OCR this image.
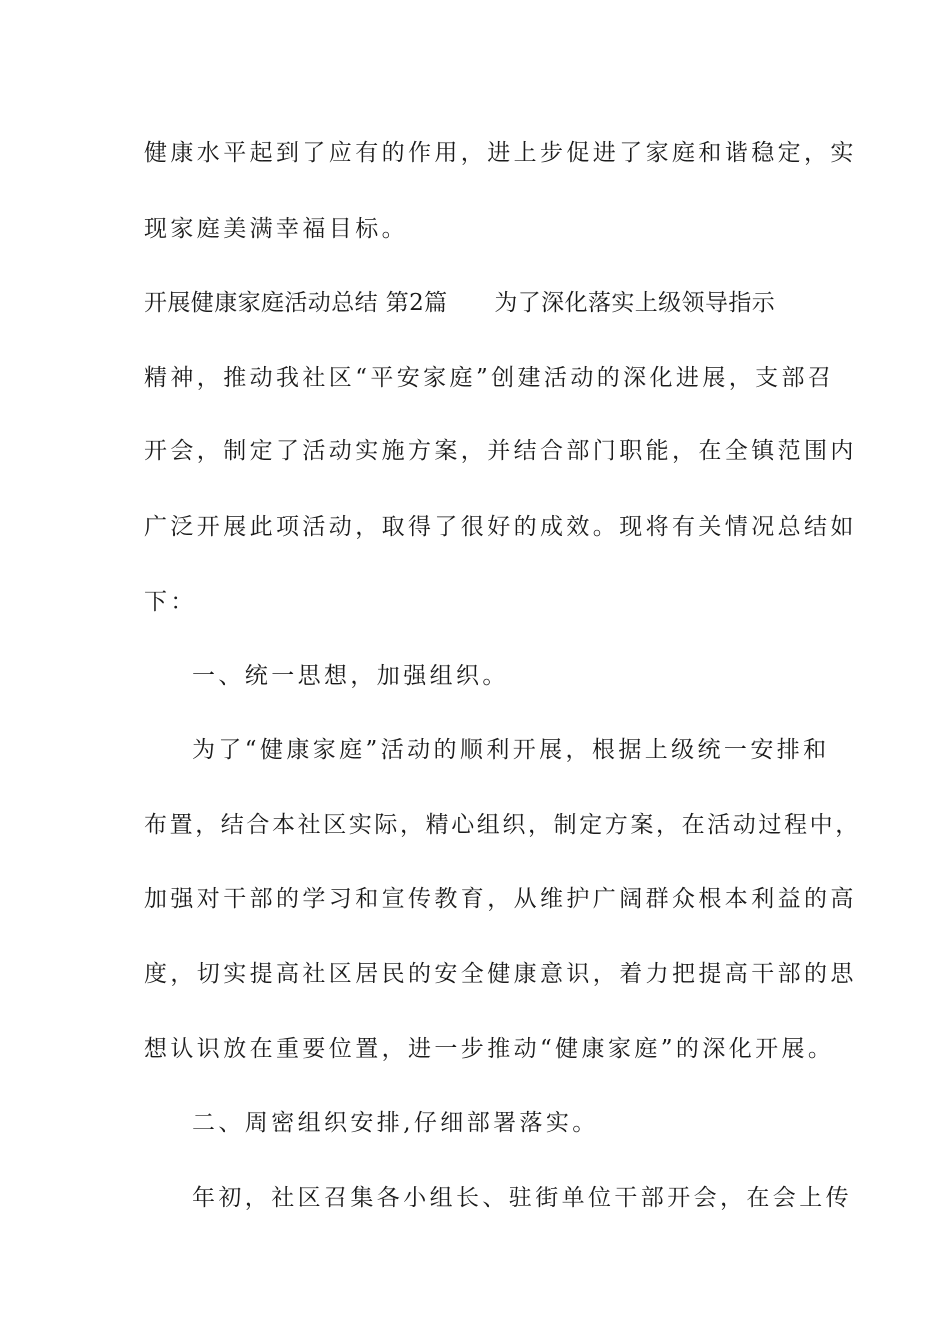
健康水平起到了应有的作用，进上步促进了家庭和谐稳定，实
现家庭美满幸福目标。
开展健康家庭活动总结 第2篇　　为了深化落实上级领导指示
精神，推动我社区“平安家庭”创建活动的深化进展，支部召
开会，制定了活动实施方案，并结合部门职能，在全镇范围内
广泛开展此项活动，取得了很好的成效。现将有关情况总结如
下：
一、统一思想，加强组织。
为了“健康家庭”活动的顺利开展，根据上级统一安排和
布置，结合本社区实际，精心组织，制定方案，在活动过程中，
加强对干部的学习和宣传教育，从维护广阔群众根本利益的高
度，切实提高社区居民的安全健康意识，着力把提高干部的思
想认识放在重要位置，进一步推动“健康家庭”的深化开展。
二、周密组织安排,仔细部署落实。
年初，社区召集各小组长、驻街单位干部开会，在会上传
